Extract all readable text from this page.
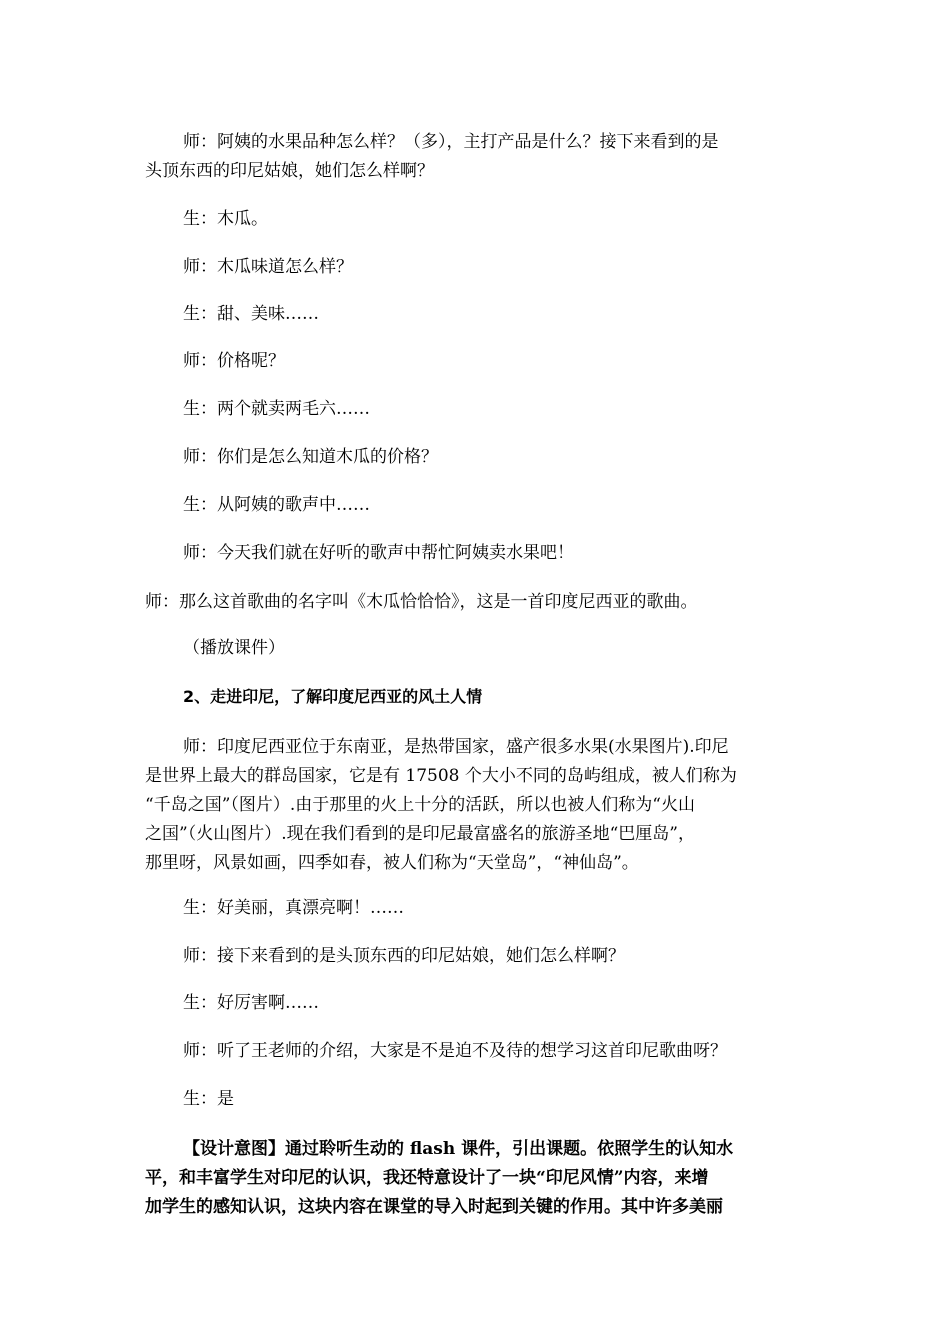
师：阿姨的水果品种怎么样？（多），主打产品是什么？接下来看到的是
头顶东西的印尼姑娘，她们怎么样啊？
生：木瓜。
师：木瓜味道怎么样？
生：甜、美味……
师：价格呢？
生：两个就卖两毛六……
师：你们是怎么知道木瓜的价格？
生：从阿姨的歌声中……
师：今天我们就在好听的歌声中帮忙阿姨卖水果吧！
师：那么这首歌曲的名字叫《木瓜恰恰恰》，这是一首印度尼西亚的歌曲。
（播放课件）
2、走进印尼，了解印度尼西亚的风土人情
师：印度尼西亚位于东南亚，是热带国家，盛产很多水果(水果图片).印尼
是世界上最大的群岛国家，它是有 17508 个大小不同的岛屿组成，被人们称为
“千岛之国”（图片）.由于那里的火上十分的活跃，所以也被人们称为“火山
之国”（火山图片）.现在我们看到的是印尼最富盛名的旅游圣地“巴厘岛”，
那里呀，风景如画，四季如春，被人们称为“天堂岛”，“神仙岛”。
生：好美丽，真漂亮啊！……
师：接下来看到的是头顶东西的印尼姑娘，她们怎么样啊？
生：好厉害啊……
师：听了王老师的介绍，大家是不是迫不及待的想学习这首印尼歌曲呀？
生：是
【设计意图】通过聆听生动的 flash 课件，引出课题。依照学生的认知水
平，和丰富学生对印尼的认识，我还特意设计了一块“印尼风情”内容，来增
加学生的感知认识，这块内容在课堂的导入时起到关键的作用。其中许多美丽
